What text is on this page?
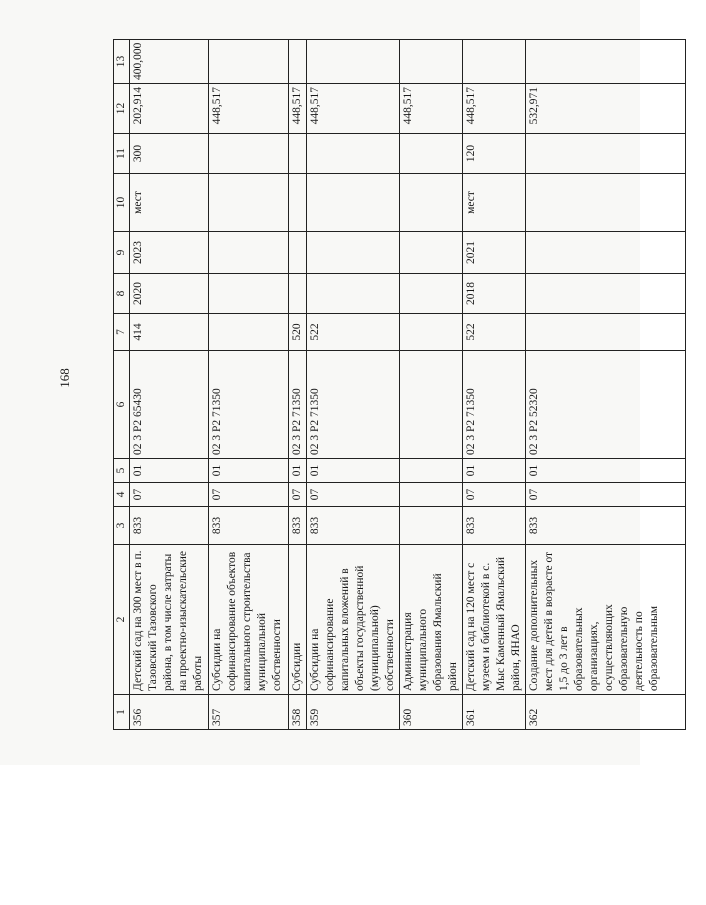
168
1	2	3	4	5	6	7	8	9	10	11	12	13
356	Детский сад на 300 мест в п. Тазовский Тазовского района, в том числе затраты на проектно-изыскательские работы	833	07	01	02 3 P2 65430	414	2020	2023	мест	300	202,914	400,000
357	Субсидии на софинансирование объектов капитального строительства муниципальной собственности	833	07	01	02 3 P2 71350						448,517	
358	Субсидии	833	07	01	02 3 P2 71350	520					448,517	
359	Субсидии на софинансирование капитальных вложений в объекты государственной (муниципальной) собственности	833	07	01	02 3 P2 71350	522					448,517	
360	Администрация муниципального образования Ямальский район										448,517	
361	Детский сад на 120 мест с музеем и библиотекой в с. Мыс Каменный Ямальский район, ЯНАО	833	07	01	02 3 P2 71350	522	2018	2021	мест	120	448,517	
362	Создание дополнительных мест для детей в возрасте от 1,5 до 3 лет в образовательных организациях, осуществляющих образовательную деятельность по образовательным	833	07	01	02 3 P2 52320						532,971	
